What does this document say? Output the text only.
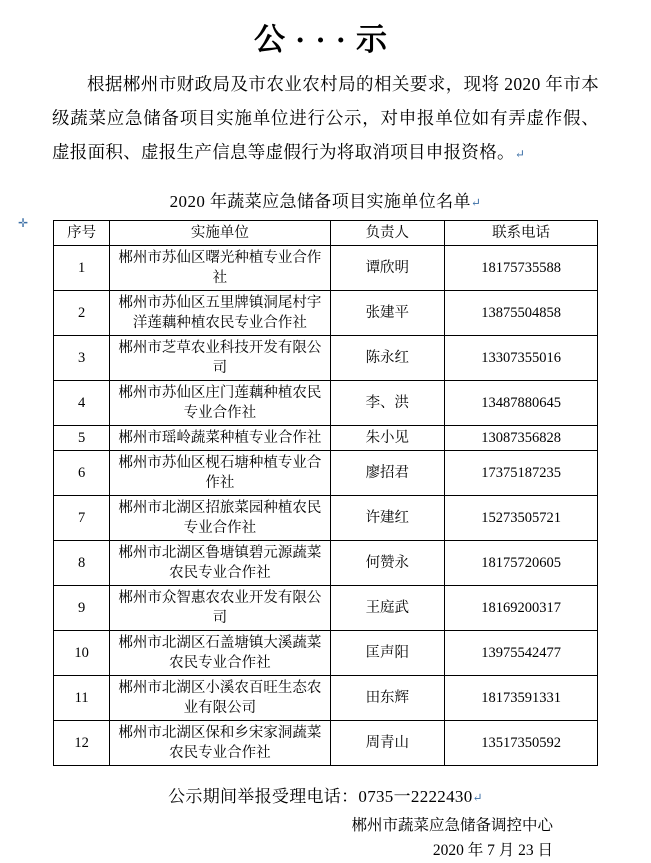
✛
公···示
根据郴州市财政局及市农业农村局的相关要求，现将 2020 年市本级蔬菜应急储备项目实施单位进行公示，对申报单位如有弄虚作假、虚报面积、虚报生产信息等虚假行为将取消项目申报资格。↵
2020 年蔬菜应急储备项目实施单位名单↵
序号	实施单位	负责人	联系电话
1	郴州市苏仙区曙光种植专业合作社	谭欣明	18175735588
2	郴州市苏仙区五里牌镇洞尾村宇洋莲藕种植农民专业合作社	张建平	13875504858
3	郴州市芝草农业科技开发有限公司	陈永红	13307355016
4	郴州市苏仙区庄门莲藕种植农民专业合作社	李、洪	13487880645
5	郴州市瑶岭蔬菜种植专业合作社	朱小见	13087356828
6	郴州市苏仙区枧石塘种植专业合作社	廖招君	17375187235
7	郴州市北湖区招旅菜园种植农民专业合作社	许建红	15273505721
8	郴州市北湖区鲁塘镇碧元源蔬菜农民专业合作社	何赞永	18175720605
9	郴州市众智惠农农业开发有限公司	王庭武	18169200317
10	郴州市北湖区石盖塘镇大溪蔬菜农民专业合作社	匡声阳	13975542477
11	郴州市北湖区小溪农百旺生态农业有限公司	田东辉	18173591331
12	郴州市北湖区保和乡宋家洞蔬菜农民专业合作社	周青山	13517350592
公示期间举报受理电话：0735一2222430↵
郴州市蔬菜应急储备调控中心
2020 年 7 月 23 日
